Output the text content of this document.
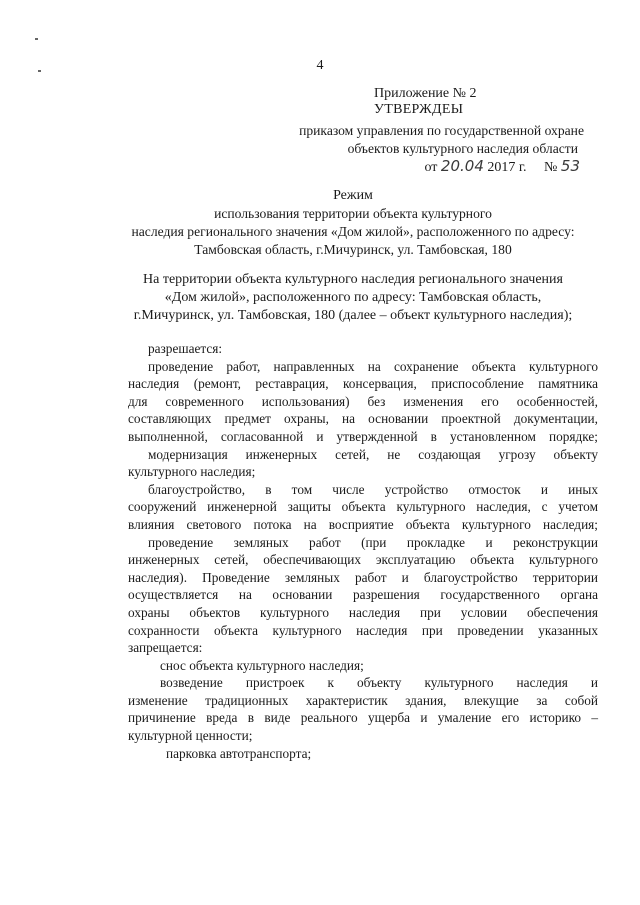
4
Приложение № 2
УТВЕРЖДЕЫ
приказом управления по государственной охране
объектов культурного наследия области
от 20.04 2017 г. № 53
Режим
использования территории объекта культурного
наследия регионального значения «Дом жилой», расположенного по адресу:
Тамбовская область, г.Мичуринск, ул. Тамбовская, 180
На территории объекта культурного наследия регионального значения
«Дом жилой», расположенного по адресу: Тамбовская область,
г.Мичуринск, ул. Тамбовская, 180 (далее – объект культурного наследия);
разрешается:
проведение работ, направленных на сохранение объекта культурного
наследия (ремонт, реставрация, консервация, приспособление памятника
для современного использования) без изменения его особенностей,
составляющих предмет охраны, на основании проектной документации,
выполненной, согласованной и утвержденной в установленном порядке;
модернизация инженерных сетей, не создающая угрозу объекту
культурного наследия;
благоустройство, в том числе устройство отмосток и иных
сооружений инженерной защиты объекта культурного наследия, с учетом
влияния светового потока на восприятие объекта культурного наследия;
проведение земляных работ (при прокладке и реконструкции
инженерных сетей, обеспечивающих эксплуатацию объекта культурного
наследия). Проведение земляных работ и благоустройство территории
осуществляется на основании разрешения государственного органа
охраны объектов культурного наследия при условии обеспечения
сохранности объекта культурного наследия при проведении указанных
запрещается:
снос объекта культурного наследия;
возведение пристроек к объекту культурного наследия и
изменение традиционных характеристик здания, влекущие за собой
причинение вреда в виде реального ущерба и умаление его историко –
культурной ценности;
парковка автотранспорта;
